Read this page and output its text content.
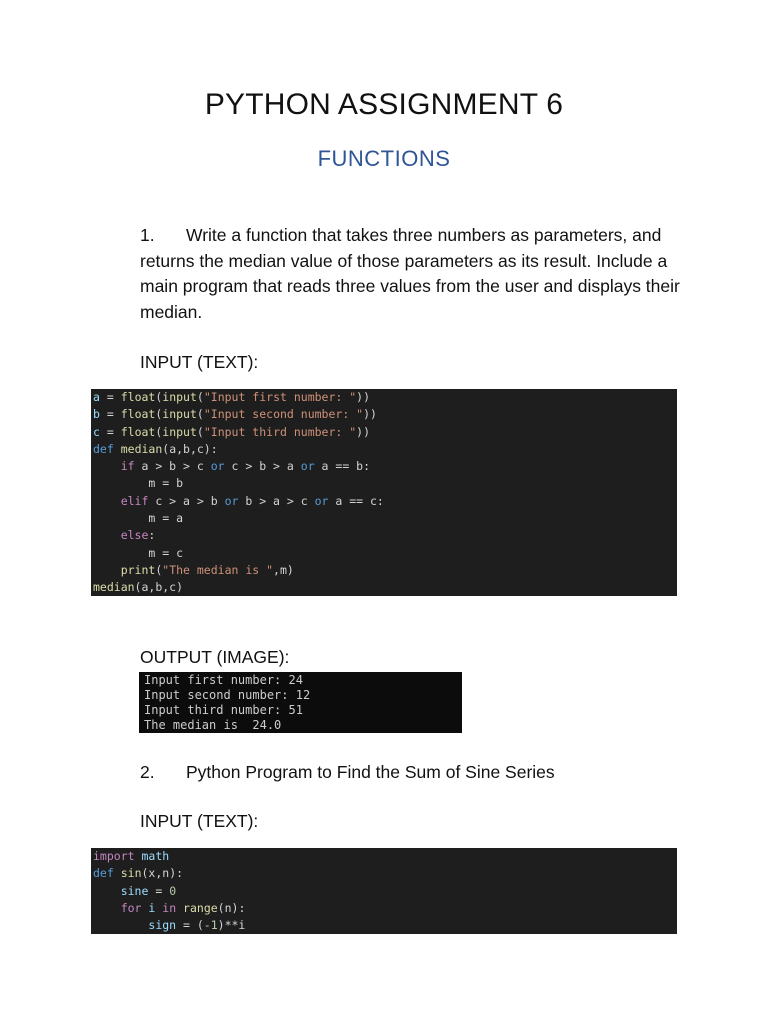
PYTHON ASSIGNMENT 6
FUNCTIONS
1. Write a function that takes three numbers as parameters, and returns the median value of those parameters as its result. Include a main program that reads three values from the user and displays their median.
INPUT (TEXT):
a = float(input("Input first number: "))
b = float(input("Input second number: "))
c = float(input("Input third number: "))
def median(a,b,c):
if a > b > c or c > b > a or a == b:
m = b
elif c > a > b or b > a > c or a == c:
m = a
else:
m = c
print("The median is ",m)
median(a,b,c)
OUTPUT (IMAGE):
Input first number: 24
Input second number: 12
Input third number: 51
The median is  24.0
2. Python Program to Find the Sum of Sine Series
INPUT (TEXT):
import math
def sin(x,n):
sine = 0
for i in range(n):
sign = (-1)**i
